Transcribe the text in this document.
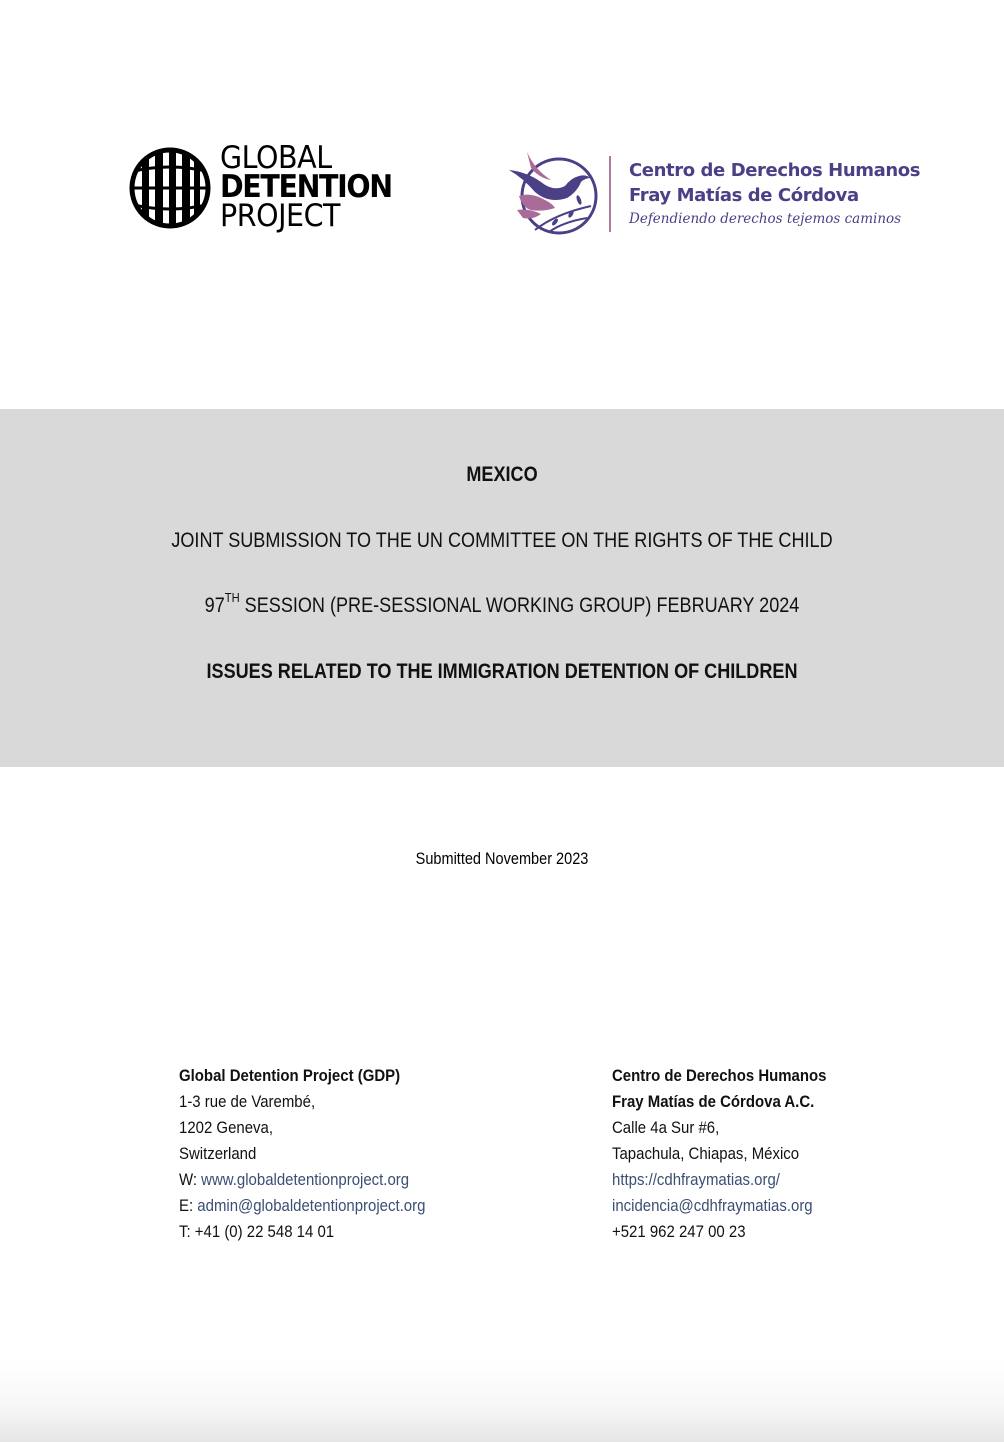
GLOBAL
DETENTION
PROJECT
Centro de Derechos Humanos
Fray Matías de Córdova
Defendiendo derechos tejemos caminos
MEXICO
JOINT SUBMISSION TO THE UN COMMITTEE ON THE RIGHTS OF THE CHILD
97TH SESSION (PRE-SESSIONAL WORKING GROUP) FEBRUARY 2024
ISSUES RELATED TO THE IMMIGRATION DETENTION OF CHILDREN
Submitted November 2023
Global Detention Project (GDP)
1-3 rue de Varembé,
1202 Geneva,
Switzerland
W: www.globaldetentionproject.org
E: admin@globaldetentionproject.org
T: +41 (0) 22 548 14 01
Centro de Derechos Humanos
Fray Matías de Córdova A.C.
Calle 4a Sur #6,
Tapachula, Chiapas, México
https://cdhfraymatias.org/
incidencia@cdhfraymatias.org
+521 962 247 00 23
